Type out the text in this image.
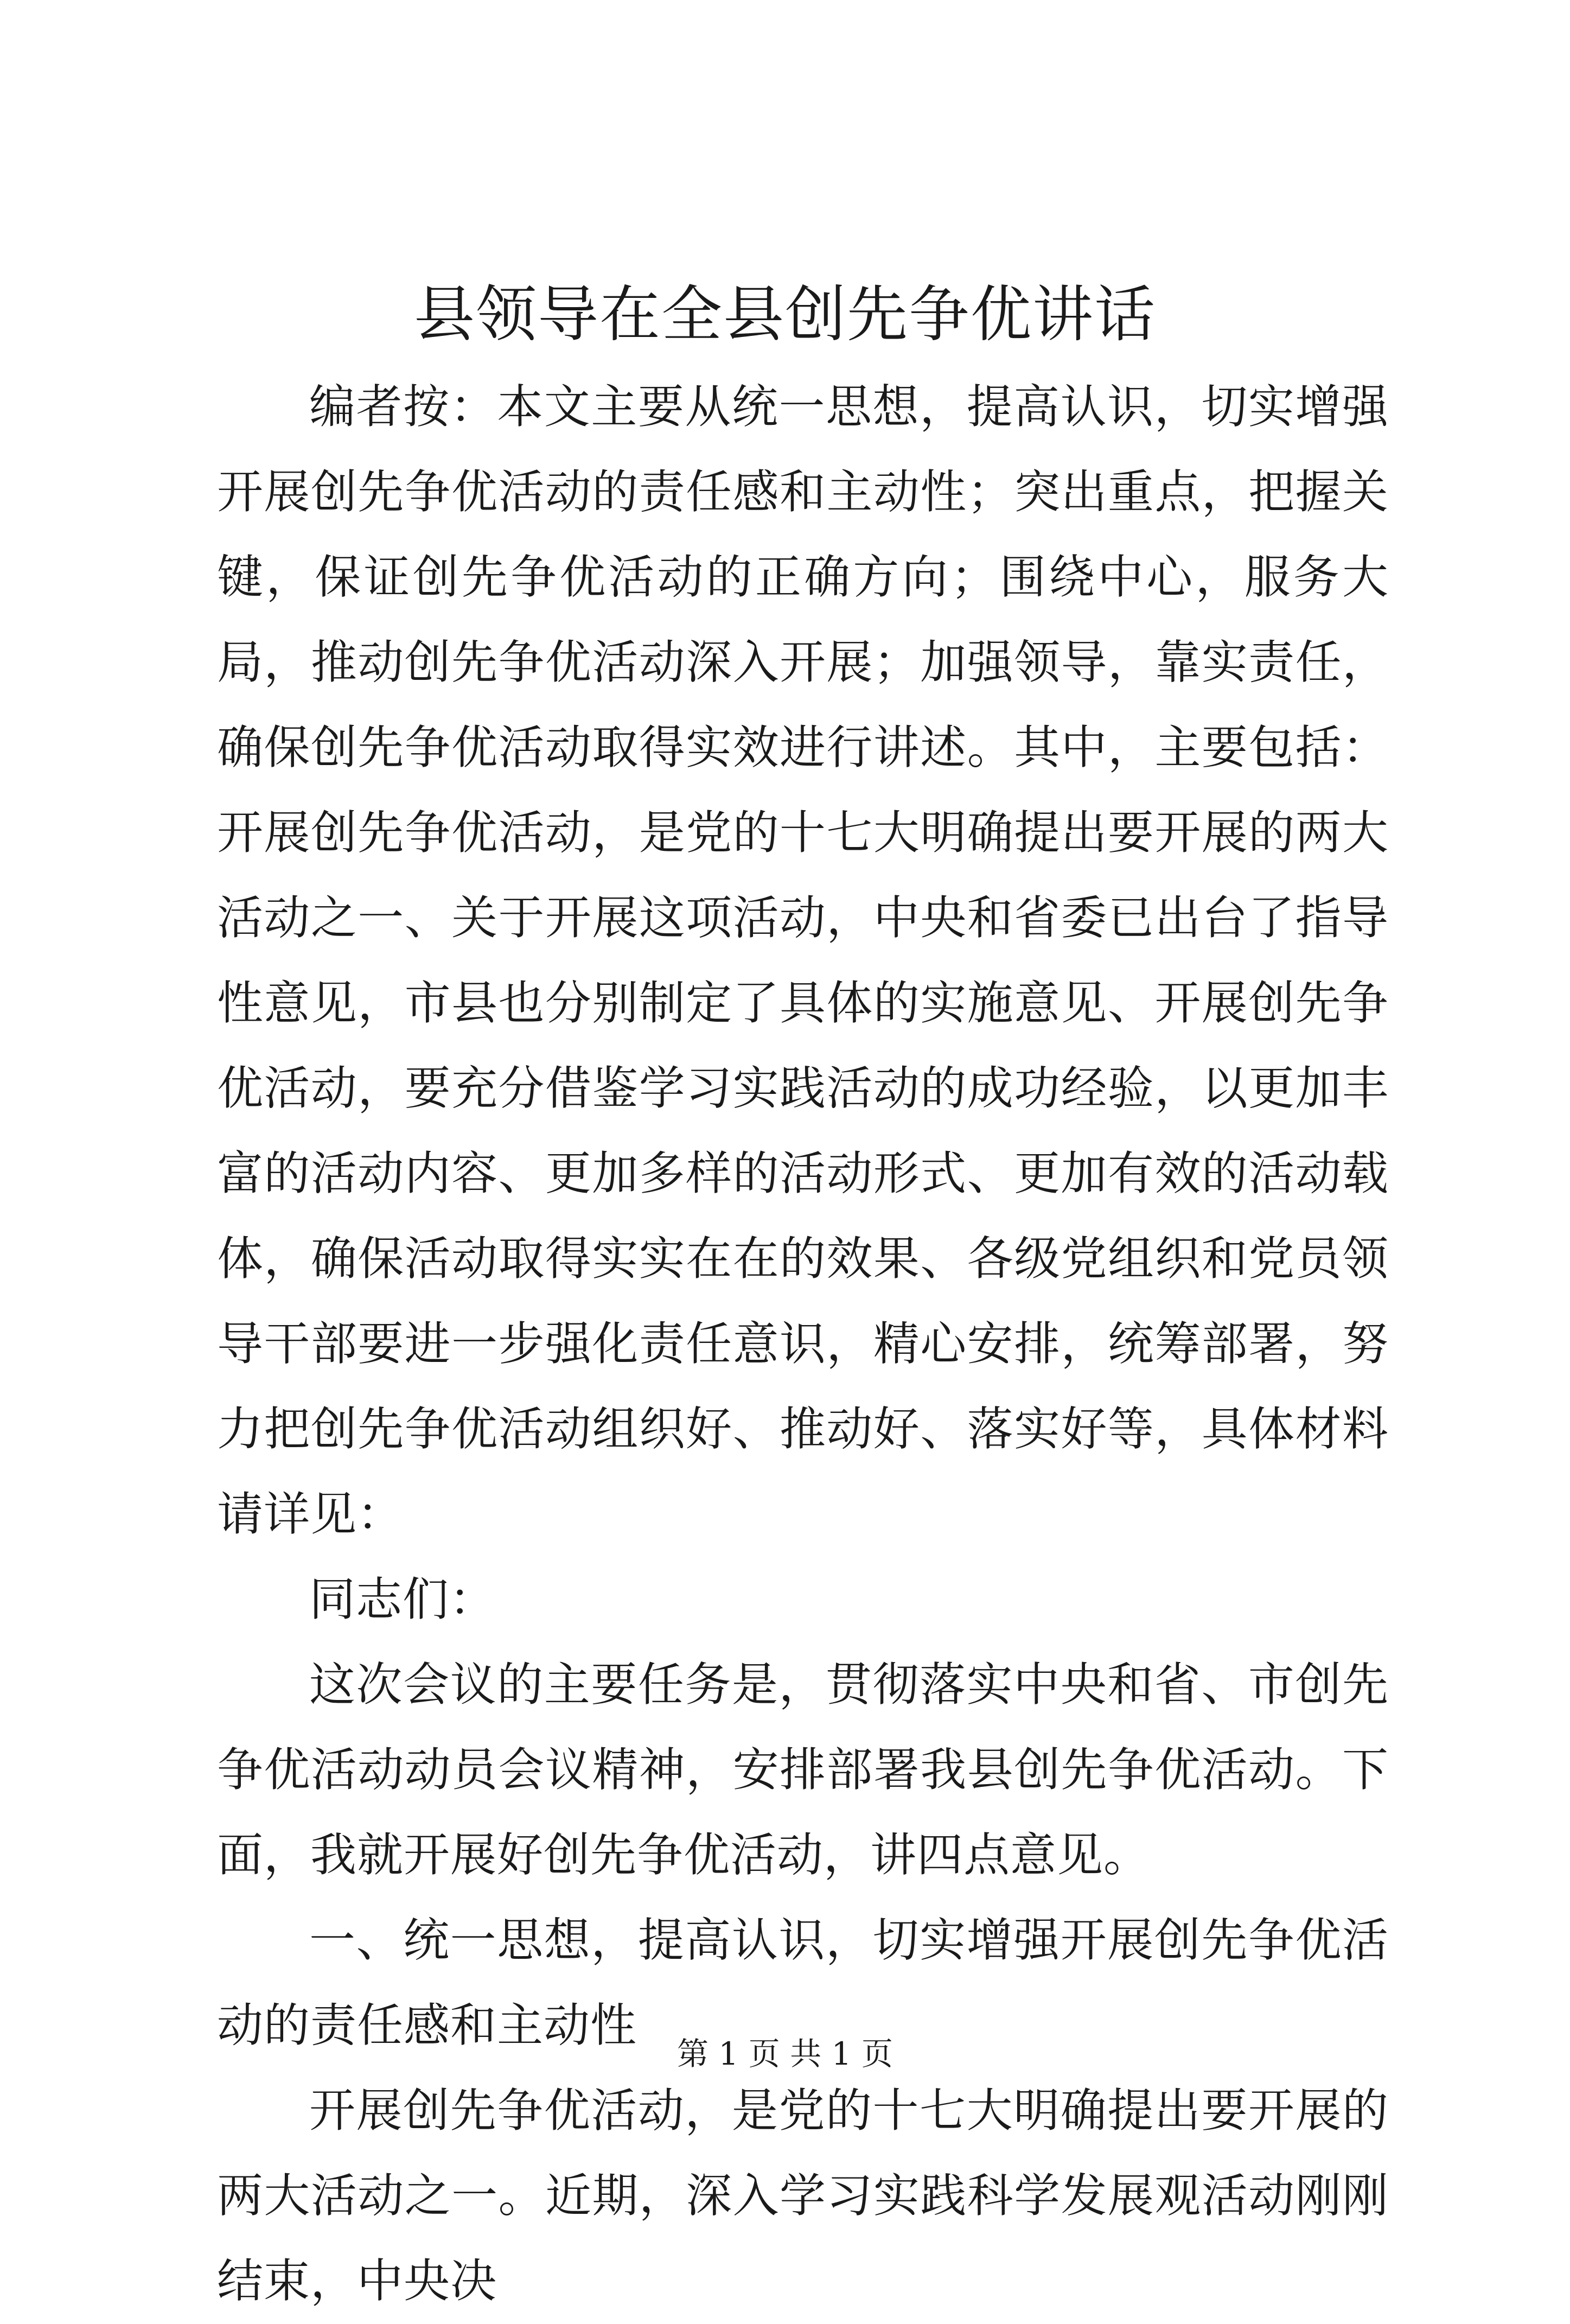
县领导在全县创先争优讲话

编者按：本文主要从统一思想，提高认识，切实增强开展创先争优活动的责任感和主动性；突出重点，把握关键，保证创先争优活动的正确方向；围绕中心，服务大局，推动创先争优活动深入开展；加强领导，靠实责任，确保创先争优活动取得实效进行讲述。其中，主要包括：开展创先争优活动，是党的十七大明确提出要开展的两大活动之一、关于开展这项活动，中央和省委已出台了指导性意见，市县也分别制定了具体的实施意见、开展创先争优活动，要充分借鉴学习实践活动的成功经验，以更加丰富的活动内容、更加多样的活动形式、更加有效的活动载体，确保活动取得实实在在的效果、各级党组织和党员领导干部要进一步强化责任意识，精心安排，统筹部署，努力把创先争优活动组织好、推动好、落实好等，具体材料请详见：

同志们：

这次会议的主要任务是，贯彻落实中央和省、市创先争优活动动员会议精神，安排部署我县创先争优活动。下面，我就开展好创先争优活动，讲四点意见。

一、统一思想，提高认识，切实增强开展创先争优活动的责任感和主动性

开展创先争优活动，是党的十七大明确提出要开展的两大活动之一。近期，深入学习实践科学发展观活动刚刚结束，中央决

第 1 页 共 1 页
